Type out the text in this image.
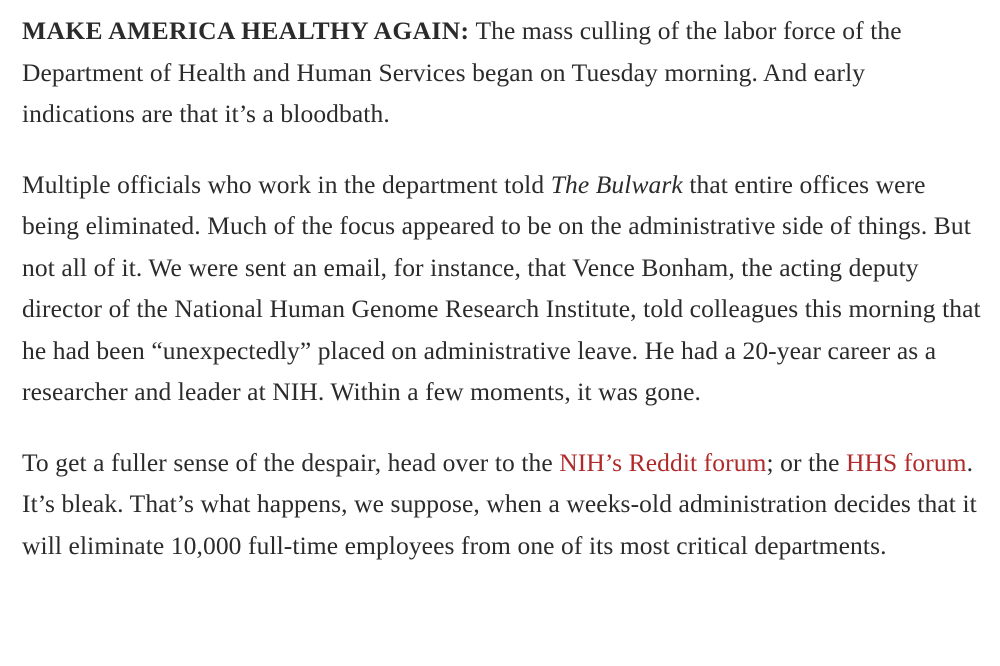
MAKE AMERICA HEALTHY AGAIN: The mass culling of the labor force of the Department of Health and Human Services began on Tuesday morning. And early indications are that it’s a bloodbath.

Multiple officials who work in the department told The Bulwark that entire offices were being eliminated. Much of the focus appeared to be on the administrative side of things. But not all of it. We were sent an email, for instance, that Vence Bonham, the acting deputy director of the National Human Genome Research Institute, told colleagues this morning that he had been “unexpectedly” placed on administrative leave. He had a 20-year career as a researcher and leader at NIH. Within a few moments, it was gone.

To get a fuller sense of the despair, head over to the NIH’s Reddit forum; or the HHS forum. It’s bleak. That’s what happens, we suppose, when a weeks-old administration decides that it will eliminate 10,000 full-time employees from one of its most critical departments.
